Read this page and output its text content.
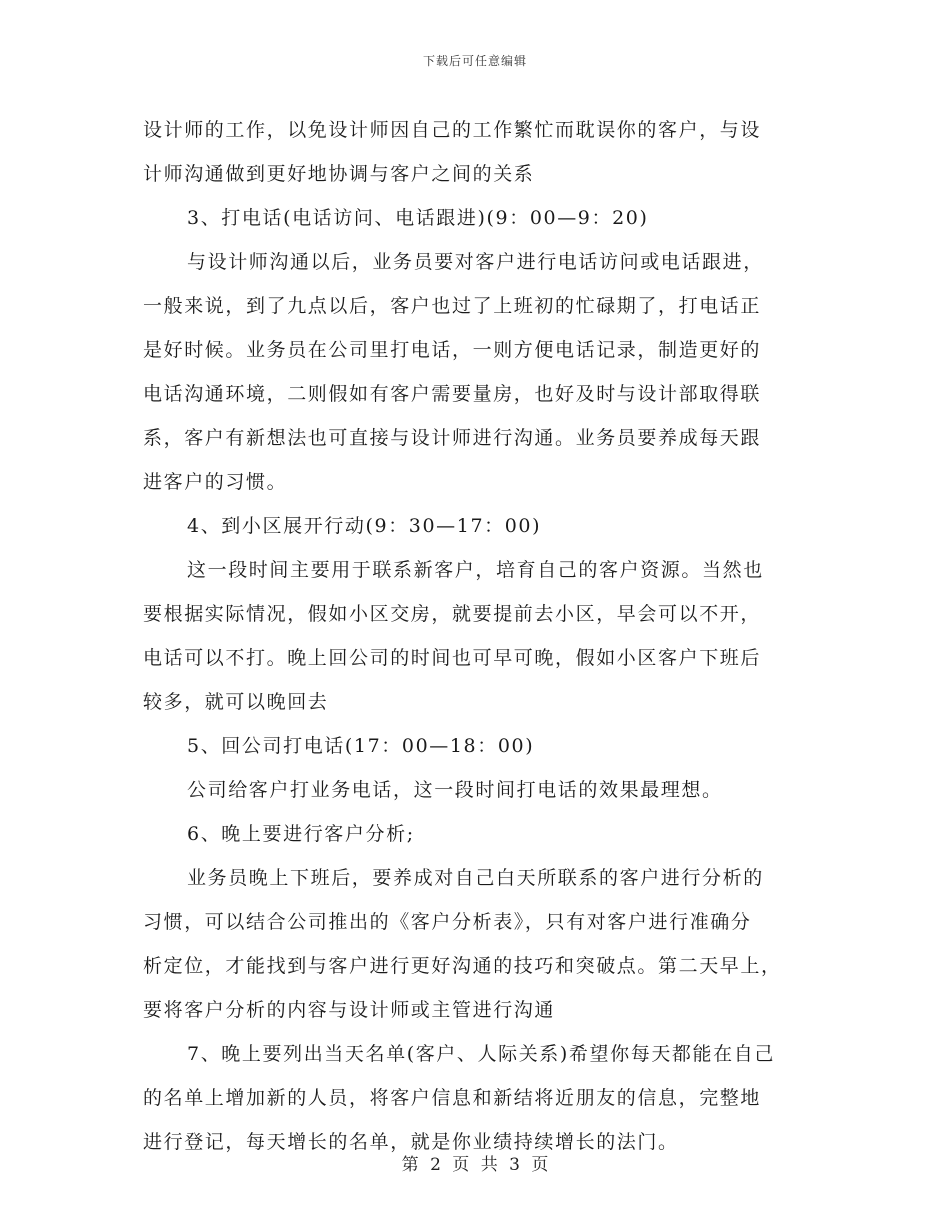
下载后可任意编辑
设计师的工作，以免设计师因自己的工作繁忙而耽误你的客户，与设
计师沟通做到更好地协调与客户之间的关系
3、打电话(电话访问、电话跟进)(9：00—9：20)
与设计师沟通以后，业务员要对客户进行电话访问或电话跟进，
一般来说，到了九点以后，客户也过了上班初的忙碌期了，打电话正
是好时候。业务员在公司里打电话，一则方便电话记录，制造更好的
电话沟通环境，二则假如有客户需要量房，也好及时与设计部取得联
系，客户有新想法也可直接与设计师进行沟通。业务员要养成每天跟
进客户的习惯。
4、到小区展开行动(9：30—17：00)
这一段时间主要用于联系新客户，培育自己的客户资源。当然也
要根据实际情况，假如小区交房，就要提前去小区，早会可以不开，
电话可以不打。晚上回公司的时间也可早可晚，假如小区客户下班后
较多，就可以晚回去
5、回公司打电话(17：00—18：00)
公司给客户打业务电话，这一段时间打电话的效果最理想。
6、晚上要进行客户分析;
业务员晚上下班后，要养成对自己白天所联系的客户进行分析的
习惯，可以结合公司推出的《客户分析表》，只有对客户进行准确分
析定位，才能找到与客户进行更好沟通的技巧和突破点。第二天早上，
要将客户分析的内容与设计师或主管进行沟通
7、晚上要列出当天名单(客户、人际关系)希望你每天都能在自己
的名单上增加新的人员，将客户信息和新结将近朋友的信息，完整地
进行登记，每天增长的名单，就是你业绩持续增长的法门。
第 2 页 共 3 页
